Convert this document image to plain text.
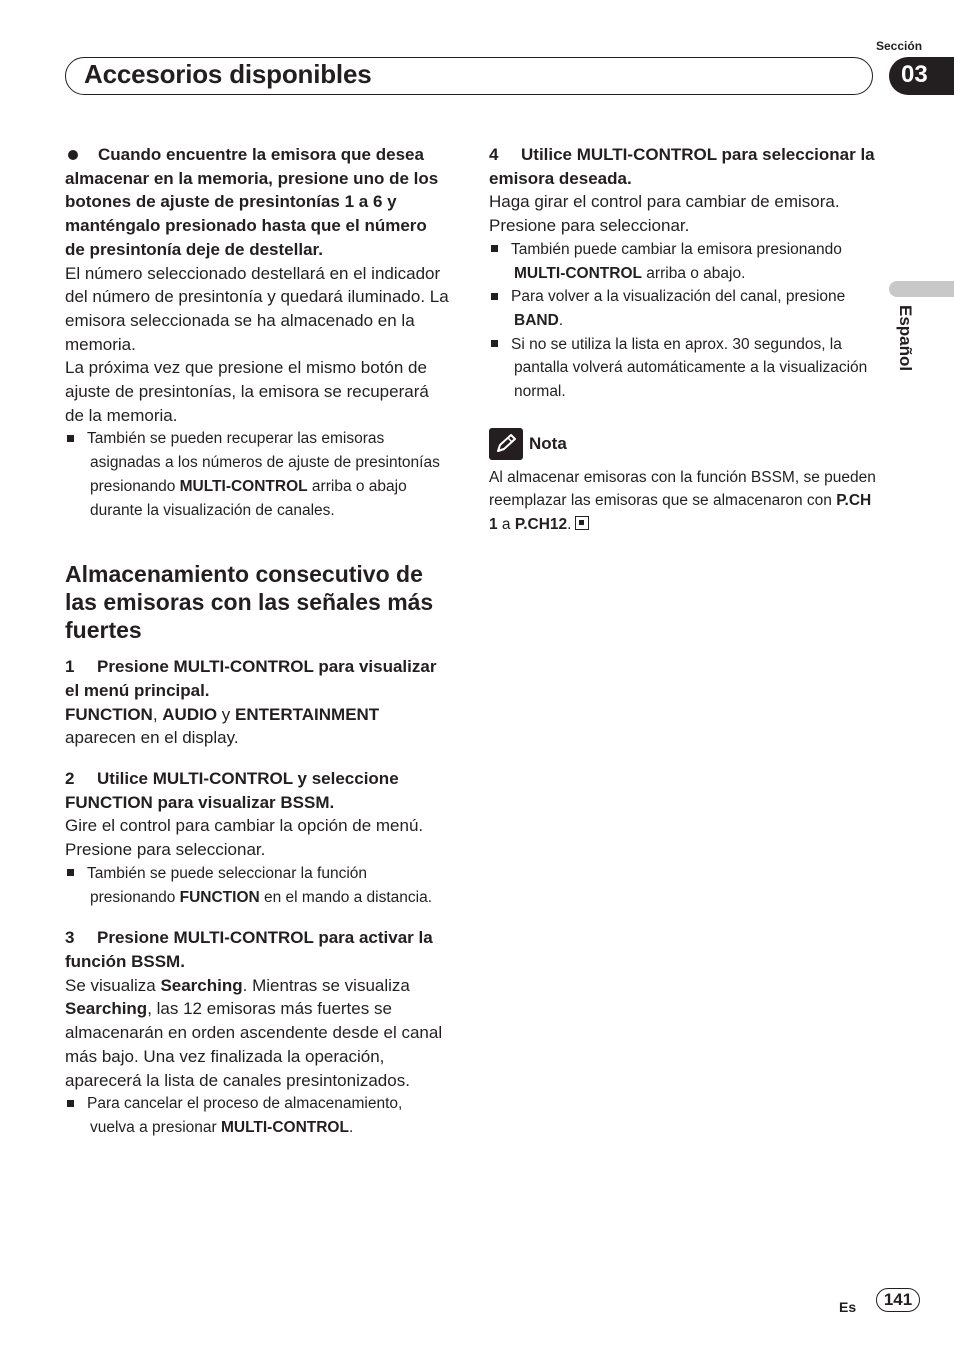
Sección
Accesorios disponibles	03
Español

Cuando encuentre la emisora que desea almacenar en la memoria, presione uno de los botones de ajuste de presintonías 1 a 6 y manténgalo presionado hasta que el número de presintonía deje de destellar.

El número seleccionado destellará en el indicador del número de presintonía y quedará iluminado. La emisora seleccionada se ha almacenado en la memoria.

La próxima vez que presione el mismo botón de ajuste de presintonías, la emisora se recuperará de la memoria.

También se pueden recuperar las emisoras asignadas a los números de ajuste de presintonías presionando MULTI-CONTROL arriba o abajo durante la visualización de canales.

Almacenamiento consecutivo de las emisoras con las señales más fuertes

1 Presione MULTI-CONTROL para visualizar el menú principal.

FUNCTION, AUDIO y ENTERTAINMENT aparecen en el display.

2 Utilice MULTI-CONTROL y seleccione FUNCTION para visualizar BSSM.

Gire el control para cambiar la opción de menú. Presione para seleccionar.

También se puede seleccionar la función presionando FUNCTION en el mando a distancia.

3 Presione MULTI-CONTROL para activar la función BSSM.

Se visualiza Searching. Mientras se visualiza Searching, las 12 emisoras más fuertes se almacenarán en orden ascendente desde el canal más bajo. Una vez finalizada la operación, aparecerá la lista de canales presintonizados.

Para cancelar el proceso de almacenamiento, vuelva a presionar MULTI-CONTROL.

4 Utilice MULTI-CONTROL para seleccionar la emisora deseada.

Haga girar el control para cambiar de emisora. Presione para seleccionar.

También puede cambiar la emisora presionando MULTI-CONTROL arriba o abajo.

Para volver a la visualización del canal, presione BAND.

Si no se utiliza la lista en aprox. 30 segundos, la pantalla volverá automáticamente a la visualización normal.

Nota

Al almacenar emisoras con la función BSSM, se pueden reemplazar las emisoras que se almacenaron con P.CH 1 a P.CH12.

Es	141
